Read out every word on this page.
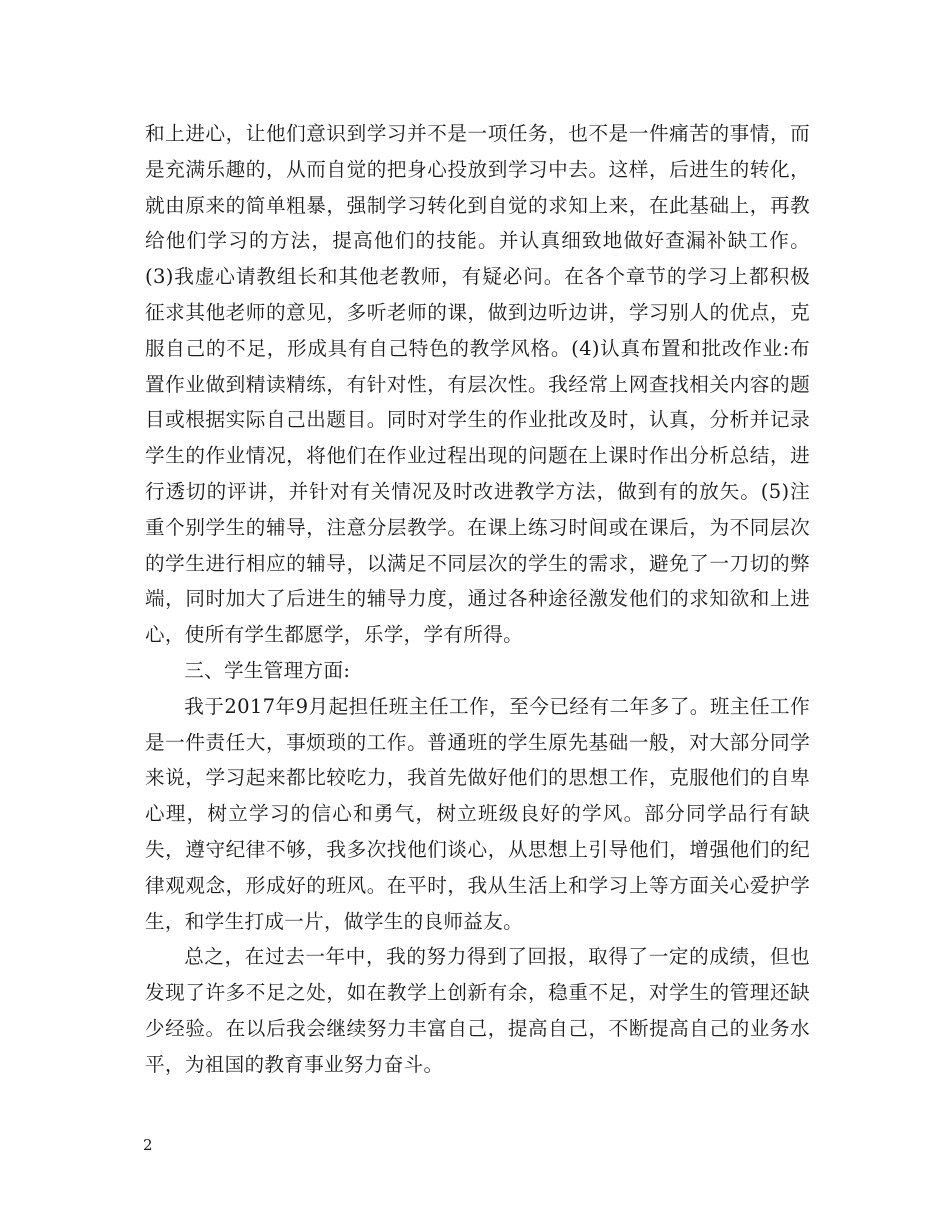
和上进心，让他们意识到学习并不是一项任务，也不是一件痛苦的事情，而是充满乐趣的，从而自觉的把身心投放到学习中去。这样，后进生的转化，就由原来的简单粗暴，强制学习转化到自觉的求知上来，在此基础上，再教给他们学习的方法，提高他们的技能。并认真细致地做好查漏补缺工作。(3)我虚心请教组长和其他老教师，有疑必问。在各个章节的学习上都积极征求其他老师的意见，多听老师的课，做到边听边讲，学习别人的优点，克服自己的不足，形成具有自己特色的教学风格。(4)认真布置和批改作业:布置作业做到精读精练，有针对性，有层次性。我经常上网查找相关内容的题目或根据实际自己出题目。同时对学生的作业批改及时，认真，分析并记录学生的作业情况，将他们在作业过程出现的问题在上课时作出分析总结，进行透切的评讲，并针对有关情况及时改进教学方法，做到有的放矢。(5)注重个别学生的辅导，注意分层教学。在课上练习时间或在课后，为不同层次的学生进行相应的辅导，以满足不同层次的学生的需求，避免了一刀切的弊端，同时加大了后进生的辅导力度，通过各种途径激发他们的求知欲和上进心，使所有学生都愿学，乐学，学有所得。

三、学生管理方面:

我于2017年9月起担任班主任工作，至今已经有二年多了。班主任工作是一件责任大，事烦琐的工作。普通班的学生原先基础一般，对大部分同学来说，学习起来都比较吃力，我首先做好他们的思想工作，克服他们的自卑心理，树立学习的信心和勇气，树立班级良好的学风。部分同学品行有缺失，遵守纪律不够，我多次找他们谈心，从思想上引导他们，增强他们的纪律观观念，形成好的班风。在平时，我从生活上和学习上等方面关心爱护学生，和学生打成一片，做学生的良师益友。

总之，在过去一年中，我的努力得到了回报，取得了一定的成绩，但也发现了许多不足之处，如在教学上创新有余，稳重不足，对学生的管理还缺少经验。在以后我会继续努力丰富自己，提高自己，不断提高自己的业务水平，为祖国的教育事业努力奋斗。

2
